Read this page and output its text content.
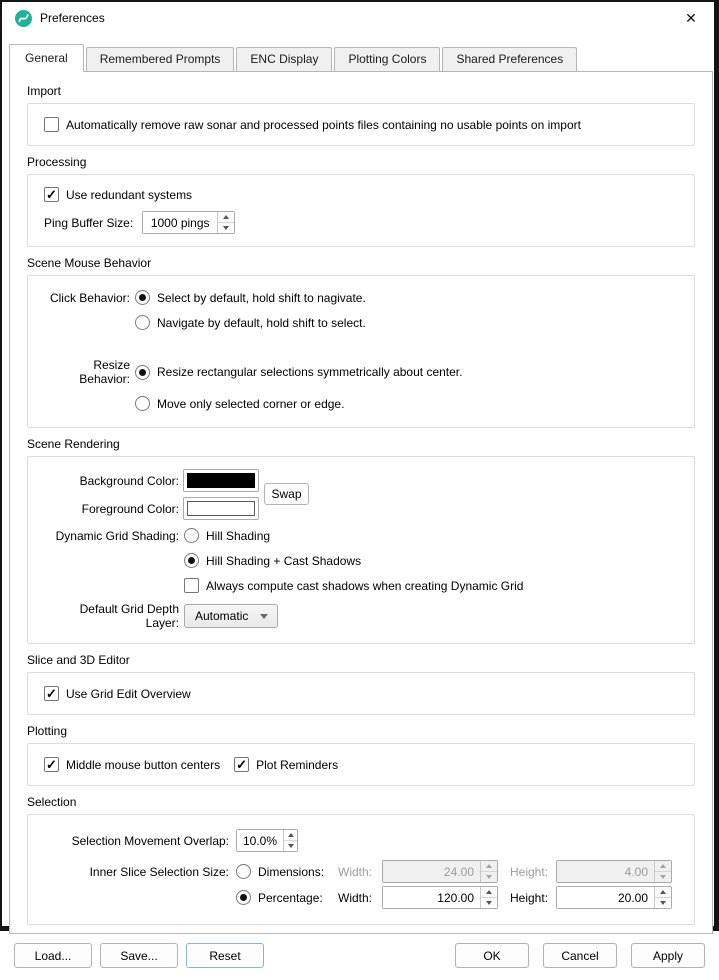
Preferences	✕
General	Remembered Prompts	ENC Display	Plotting Colors	Shared Preferences
Import
Automatically remove raw sonar and processed points files containing no usable points on import
Processing
✓
Use redundant systems
Ping Buffer Size:	1000 pings
Scene Mouse Behavior
Click Behavior: Select by default, hold shift to nagivate.
Navigate by default, hold shift to select.
Resize Behavior: Resize rectangular selections symmetrically about center.
Move only selected corner or edge.
Scene Rendering
Background Color:
Foreground Color:
Swap
Dynamic Grid Shading: Hill Shading
Hill Shading + Cast Shadows
Always compute cast shadows when creating Dynamic Grid
Default Grid Depth Layer: Automatic
Slice and 3D Editor
✓
Use Grid Edit Overview
Plotting
✓
Middle mouse button centers ✓	Plot Reminders
Selection
Selection Movement Overlap:	10.0%
Inner Slice Selection Size: Dimensions:	Width:	24.00	Height:	4.00
Percentage:	Width:	120.00	Height:	20.00
Load...	Save...	Reset	OK	Cancel	Apply
